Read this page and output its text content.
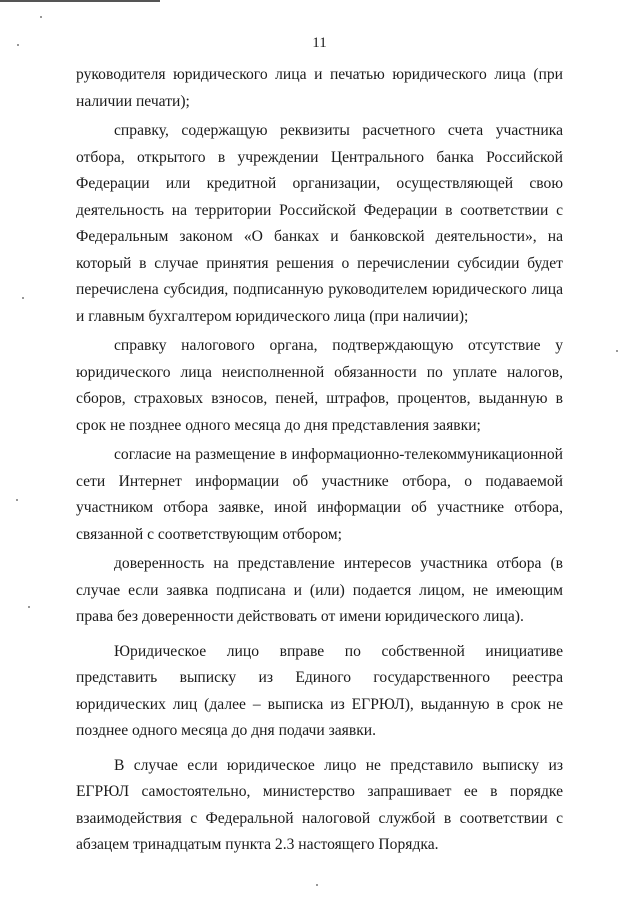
11

руководителя юридического лица и печатью юридического лица (при наличии печати);

справку, содержащую реквизиты расчетного счета участника отбора, открытого в учреждении Центрального банка Российской Федерации или кредитной организации, осуществляющей свою деятельность на территории Российской Федерации в соответствии с Федеральным законом «О банках и банковской деятельности», на который в случае принятия решения о перечислении субсидии будет перечислена субсидия, подписанную руководителем юридического лица и главным бухгалтером юридического лица (при наличии);

справку налогового органа, подтверждающую отсутствие у юридического лица неисполненной обязанности по уплате налогов, сборов, страховых взносов, пеней, штрафов, процентов, выданную в срок не позднее одного месяца до дня представления заявки;

согласие на размещение в информационно-телекоммуникационной сети Интернет информации об участнике отбора, о подаваемой участником отбора заявке, иной информации об участнике отбора, связанной с соответствующим отбором;

доверенность на представление интересов участника отбора (в случае если заявка подписана и (или) подается лицом, не имеющим права без доверенности действовать от имени юридического лица).

Юридическое лицо вправе по собственной инициативе представить выписку из Единого государственного реестра юридических лиц (далее – выписка из ЕГРЮЛ), выданную в срок не позднее одного месяца до дня подачи заявки.

В случае если юридическое лицо не представило выписку из ЕГРЮЛ самостоятельно, министерство запрашивает ее в порядке взаимодействия с Федеральной налоговой службой в соответствии с абзацем тринадцатым пункта 2.3 настоящего Порядка.
